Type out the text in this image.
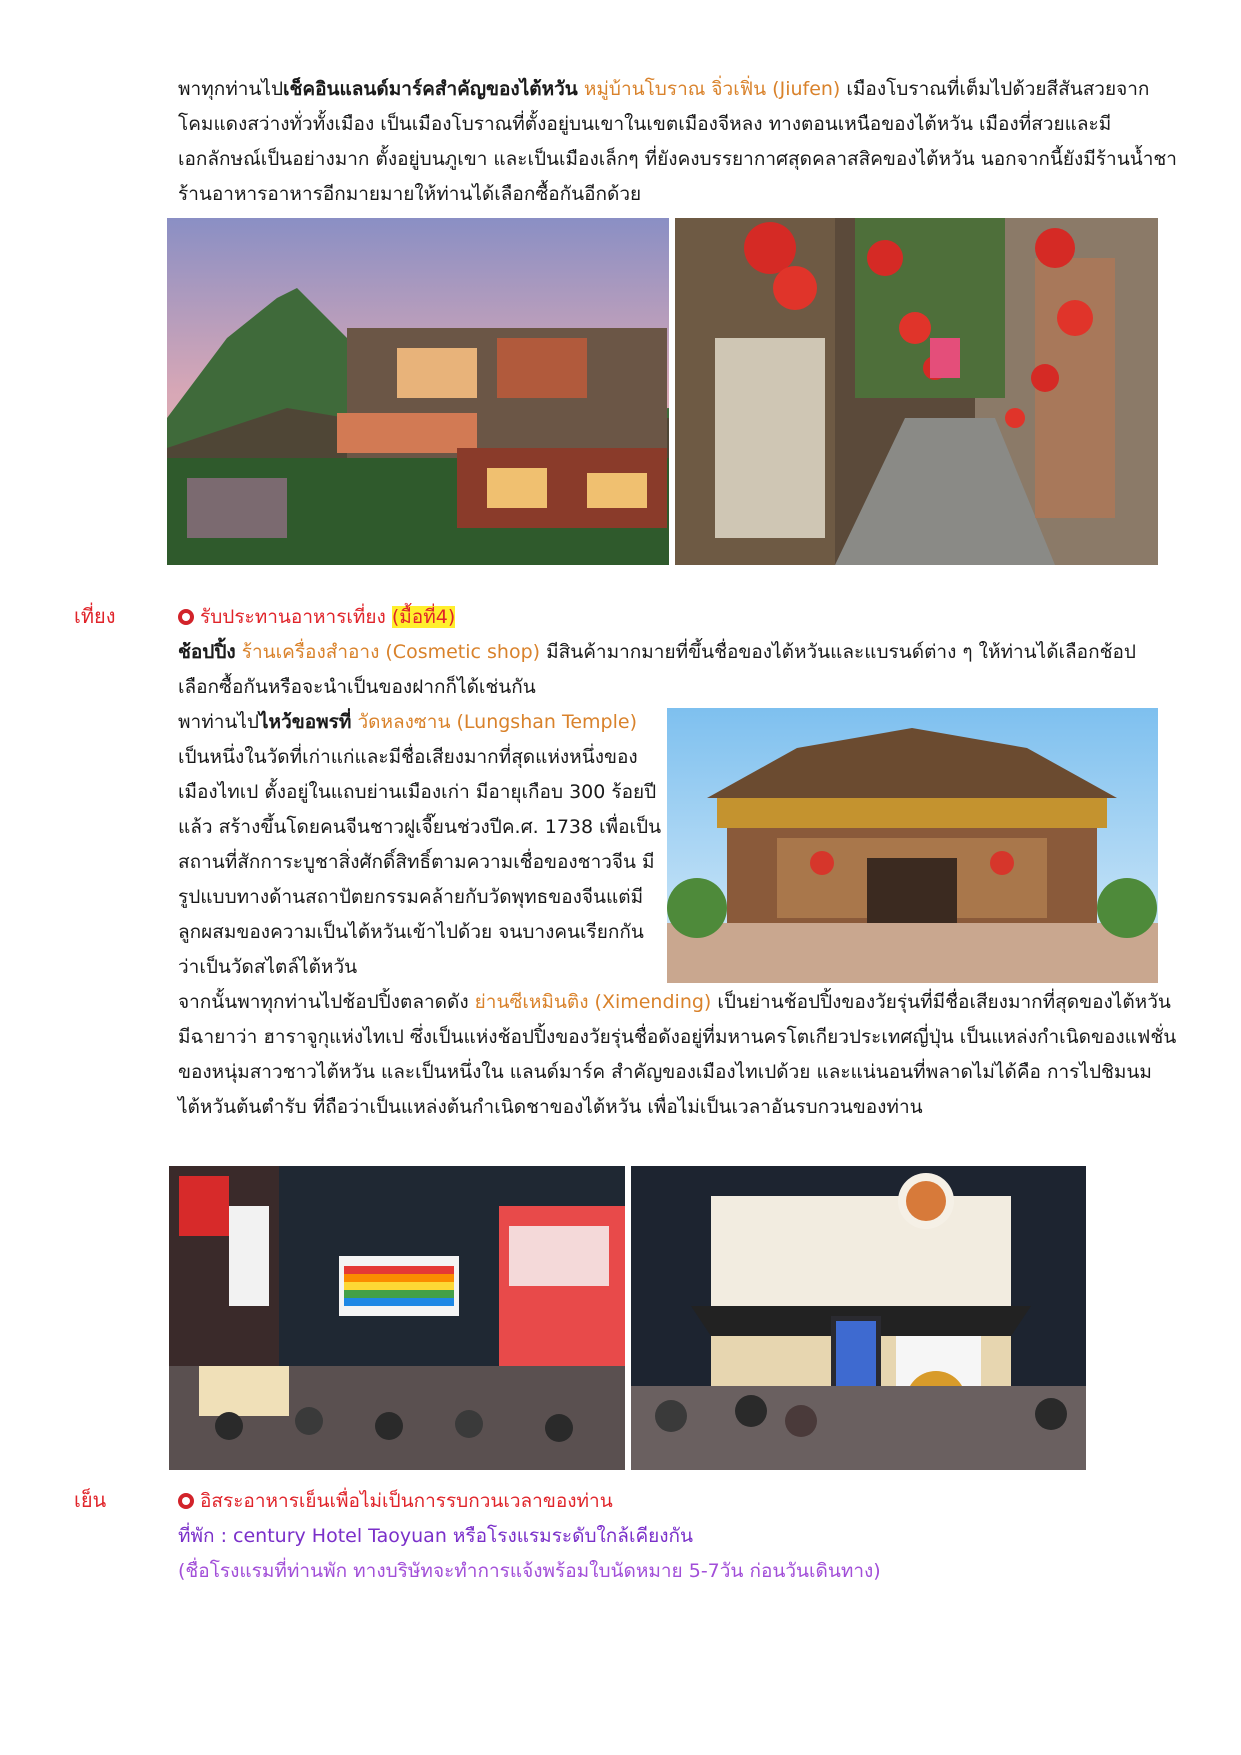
พาทุกท่านไปเช็คอินแลนด์มาร์คสำคัญของไต้หวัน หมู่บ้านโบราณ จิ่วเฟิ่น (Jiufen) เมืองโบราณที่เต็มไปด้วยสีสันสวยจากโคมแดงสว่างทั่วทั้งเมือง เป็นเมืองโบราณที่ตั้งอยู่บนเขาในเขตเมืองจีหลง ทางตอนเหนือของไต้หวัน เมืองที่สวยและมีเอกลักษณ์เป็นอย่างมาก ตั้งอยู่บนภูเขา และเป็นเมืองเล็กๆ ที่ยังคงบรรยากาศสุดคลาสสิคของไต้หวัน นอกจากนี้ยังมีร้านน้ำชา ร้านอาหารอาหารอีกมายมายให้ท่านได้เลือกซื้อกันอีกด้วย
เที่ยง	รับประทานอาหารเที่ยง (มื้อที่4)
ช้อปปิ้ง ร้านเครื่องสำอาง (Cosmetic shop) มีสินค้ามากมายที่ขึ้นชื่อของไต้หวันและแบรนด์ต่าง ๆ ให้ท่านได้เลือกช้อปเลือกซื้อกันหรือจะนำเป็นของฝากก็ได้เช่นกัน
พาท่านไปไหว้ขอพรที่ วัดหลงซาน (Lungshan Temple) เป็นหนึ่งในวัดที่เก่าแก่และมีชื่อเสียงมากที่สุดแห่งหนึ่งของเมืองไทเป ตั้งอยู่ในแถบย่านเมืองเก่า มีอายุเกือบ 300 ร้อยปีแล้ว สร้างขึ้นโดยคนจีนชาวฝูเจี๊ยนช่วงปีค.ศ. 1738 เพื่อเป็นสถานที่สักการะบูชาสิ่งศักดิ์สิทธิ์ตามความเชื่อของชาวจีน มีรูปแบบทางด้านสถาปัตยกรรมคล้ายกับวัดพุทธของจีนแต่มีลูกผสมของความเป็นไต้หวันเข้าไปด้วย จนบางคนเรียกกันว่าเป็นวัดสไตล์ไต้หวัน
จากนั้นพาทุกท่านไปช้อปปิ้งตลาดดัง ย่านซีเหมินติง (Ximending) เป็นย่านช้อปปิ้งของวัยรุ่นที่มีชื่อเสียงมากที่สุดของไต้หวัน มีฉายาว่า ฮาราจูกุแห่งไทเป ซึ่งเป็นแห่งช้อปปิ้งของวัยรุ่นชื่อดังอยู่ที่มหานครโตเกียวประเทศญี่ปุ่น เป็นแหล่งกำเนิดของแฟชั่นของหนุ่มสาวชาวไต้หวัน และเป็นหนึ่งใน แลนด์มาร์ค สำคัญของเมืองไทเปด้วย และแน่นอนที่พลาดไม่ได้คือ การไปชิมนมไต้หวันต้นตำรับ ที่ถือว่าเป็นแหล่งต้นกำเนิดชาของไต้หวัน เพื่อไม่เป็นเวลาอันรบกวนของท่าน
เย็น	อิสระอาหารเย็นเพื่อไม่เป็นการรบกวนเวลาของท่าน
ที่พัก : century Hotel Taoyuan หรือโรงแรมระดับใกล้เคียงกัน
(ชื่อโรงแรมที่ท่านพัก ทางบริษัทจะทำการแจ้งพร้อมใบนัดหมาย 5-7วัน ก่อนวันเดินทาง)
